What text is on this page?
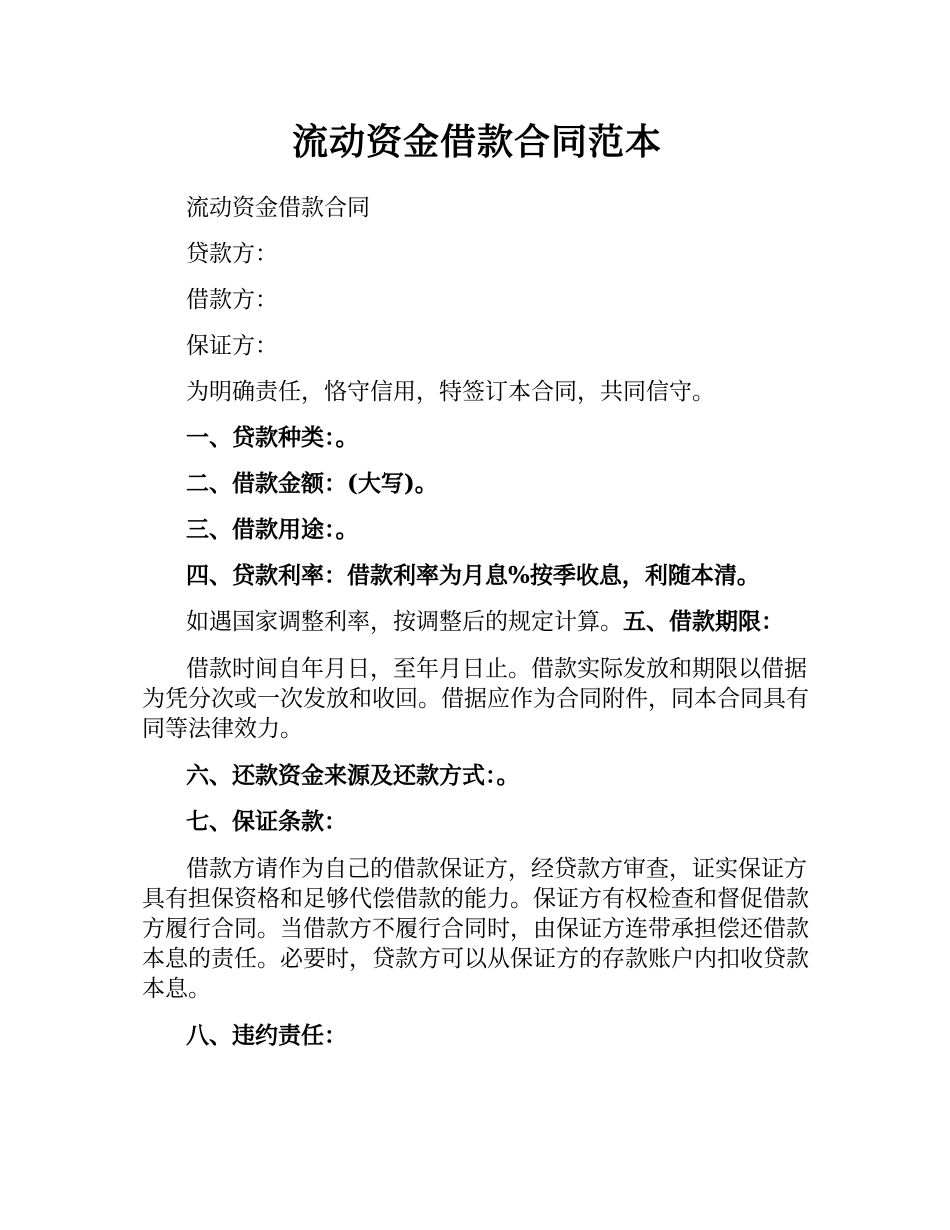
流动资金借款合同范本

流动资金借款合同

贷款方：

借款方：

保证方：

为明确责任，恪守信用，特签订本合同，共同信守。

一、贷款种类：。

二、借款金额：(大写)。

三、借款用途：。

四、贷款利率：借款利率为月息%按季收息，利随本清。

如遇国家调整利率，按调整后的规定计算。五、借款期限：

借款时间自年月日，至年月日止。借款实际发放和期限以借据为凭分次或一次发放和收回。借据应作为合同附件，同本合同具有同等法律效力。

六、还款资金来源及还款方式：。

七、保证条款：

借款方请作为自己的借款保证方，经贷款方审查，证实保证方具有担保资格和足够代偿借款的能力。保证方有权检查和督促借款方履行合同。当借款方不履行合同时，由保证方连带承担偿还借款本息的责任。必要时，贷款方可以从保证方的存款账户内扣收贷款本息。

八、违约责任：
